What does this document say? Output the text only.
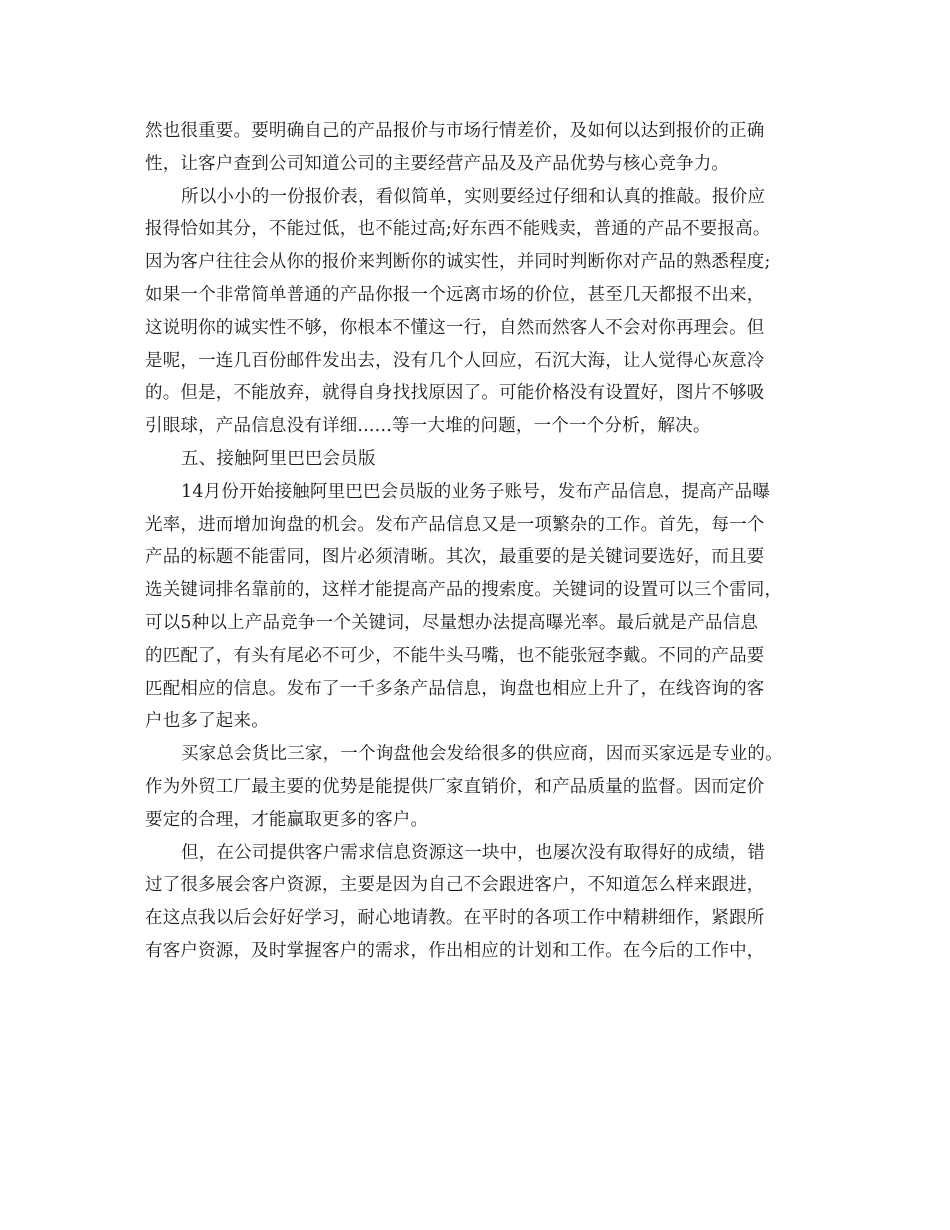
然也很重要。要明确自己的产品报价与市场行情差价，及如何以达到报价的正确
性，让客户查到公司知道公司的主要经营产品及及产品优势与核心竞争力。
所以小小的一份报价表，看似简单，实则要经过仔细和认真的推敲。报价应
报得恰如其分，不能过低，也不能过高;好东西不能贱卖，普通的产品不要报高。
因为客户往往会从你的报价来判断你的诚实性，并同时判断你对产品的熟悉程度;
如果一个非常简单普通的产品你报一个远离市场的价位，甚至几天都报不出来，
这说明你的诚实性不够，你根本不懂这一行，自然而然客人不会对你再理会。但
是呢，一连几百份邮件发出去，没有几个人回应，石沉大海，让人觉得心灰意冷
的。但是，不能放弃，就得自身找找原因了。可能价格没有设置好，图片不够吸
引眼球，产品信息没有详细......等一大堆的问题，一个一个分析，解决。
五、接触阿里巴巴会员版
14月份开始接触阿里巴巴会员版的业务子账号，发布产品信息，提高产品曝
光率，进而增加询盘的机会。发布产品信息又是一项繁杂的工作。首先，每一个
产品的标题不能雷同，图片必须清晰。其次，最重要的是关键词要选好，而且要
选关键词排名靠前的，这样才能提高产品的搜索度。关键词的设置可以三个雷同，
可以5种以上产品竞争一个关键词，尽量想办法提高曝光率。最后就是产品信息
的匹配了，有头有尾必不可少，不能牛头马嘴，也不能张冠李戴。不同的产品要
匹配相应的信息。发布了一千多条产品信息，询盘也相应上升了，在线咨询的客
户也多了起来。
买家总会货比三家，一个询盘他会发给很多的供应商，因而买家远是专业的。
作为外贸工厂最主要的优势是能提供厂家直销价，和产品质量的监督。因而定价
要定的合理，才能赢取更多的客户。
但，在公司提供客户需求信息资源这一块中，也屡次没有取得好的成绩，错
过了很多展会客户资源，主要是因为自己不会跟进客户，不知道怎么样来跟进，
在这点我以后会好好学习，耐心地请教。在平时的各项工作中精耕细作，紧跟所
有客户资源，及时掌握客户的需求，作出相应的计划和工作。在今后的工作中，
